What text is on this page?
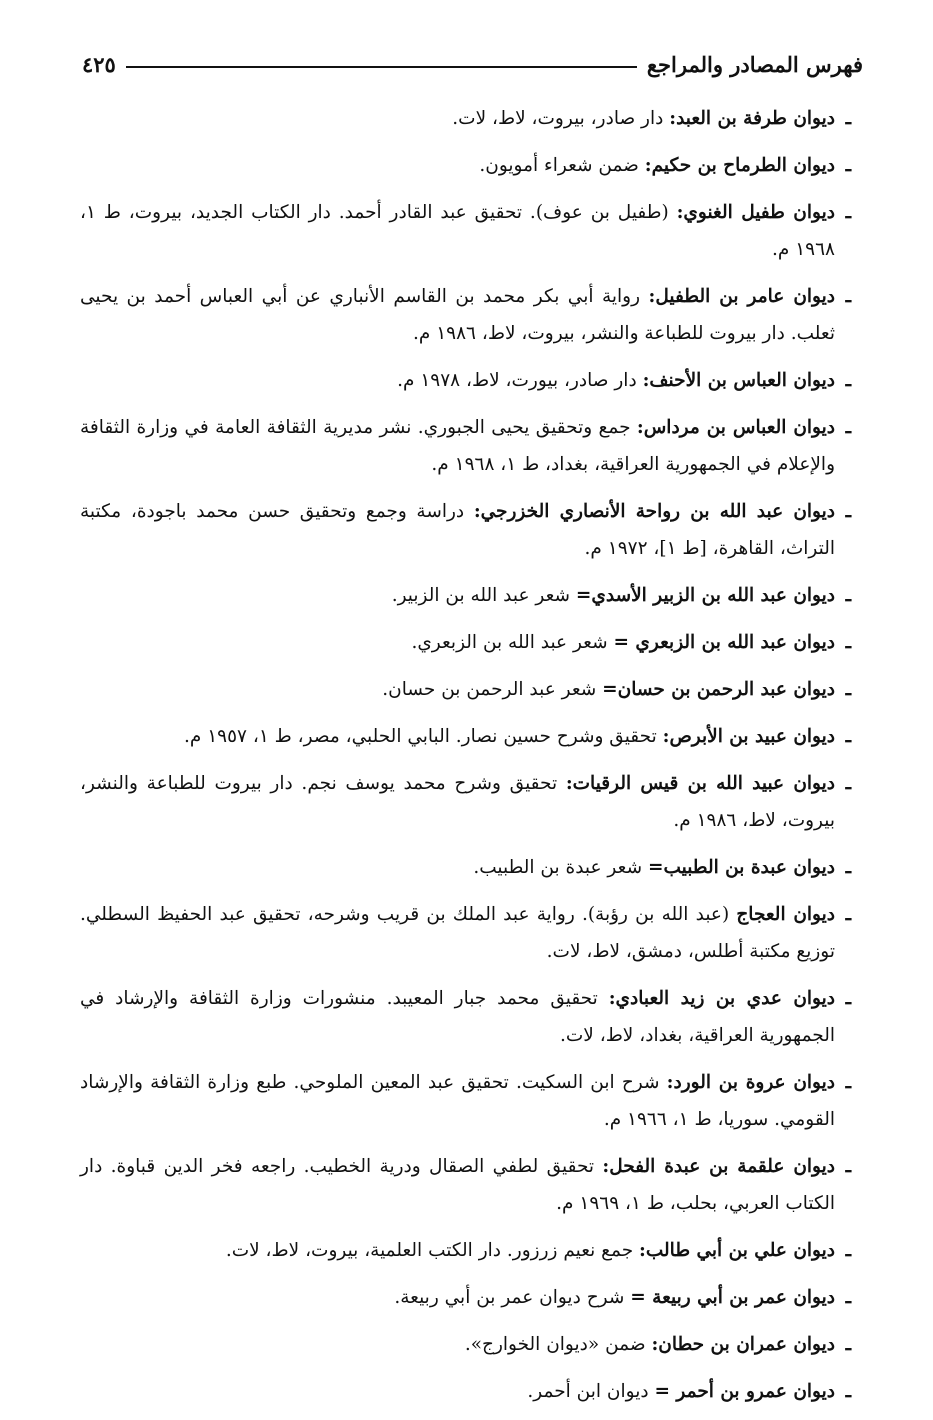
فهرس المصادر والمراجع
٤٢٥
ـ
ديوان طرفة بن العبد: دار صادر، بيروت، لاط، لات.
ـ
ديوان الطرماح بن حكيم: ضمن شعراء أمويون.
ـ
ديوان طفيل الغنوي: (طفيل بن عوف). تحقيق عبد القادر أحمد. دار الكتاب الجديد، بيروت، ط ١، ١٩٦٨ م.
ـ
ديوان عامر بن الطفيل: رواية أبي بكر محمد بن القاسم الأنباري عن أبي العباس أحمد بن يحيى ثعلب. دار بيروت للطباعة والنشر، بيروت، لاط، ١٩٨٦ م.
ـ
ديوان العباس بن الأحنف: دار صادر، بيورت، لاط، ١٩٧٨ م.
ـ
ديوان العباس بن مرداس: جمع وتحقيق يحيى الجبوري. نشر مديرية الثقافة العامة في وزارة الثقافة والإعلام في الجمهورية العراقية، بغداد، ط ١، ١٩٦٨ م.
ـ
ديوان عبد الله بن رواحة الأنصاري الخزرجي: دراسة وجمع وتحقيق حسن محمد باجودة، مكتبة التراث، القاهرة، [ط ١]، ١٩٧٢ م.
ـ
ديوان عبد الله بن الزبير الأسدي= شعر عبد الله بن الزبير.
ـ
ديوان عبد الله بن الزبعري = شعر عبد الله بن الزبعري.
ـ
ديوان عبد الرحمن بن حسان= شعر عبد الرحمن بن حسان.
ـ
ديوان عبيد بن الأبرص: تحقيق وشرح حسين نصار. البابي الحلبي، مصر، ط ١، ١٩٥٧ م.
ـ
ديوان عبيد الله بن قيس الرقيات: تحقيق وشرح محمد يوسف نجم. دار بيروت للطباعة والنشر، بيروت، لاط، ١٩٨٦ م.
ـ
ديوان عبدة بن الطبيب= شعر عبدة بن الطبيب.
ـ
ديوان العجاج (عبد الله بن رؤبة). رواية عبد الملك بن قريب وشرحه، تحقيق عبد الحفيظ السطلي. توزيع مكتبة أطلس، دمشق، لاط، لات.
ـ
ديوان عدي بن زيد العبادي: تحقيق محمد جبار المعيبد. منشورات وزارة الثقافة والإرشاد في الجمهورية العراقية، بغداد، لاط، لات.
ـ
ديوان عروة بن الورد: شرح ابن السكيت. تحقيق عبد المعين الملوحي. طبع وزارة الثقافة والإرشاد القومي. سوريا، ط ١، ١٩٦٦ م.
ـ
ديوان علقمة بن عبدة الفحل: تحقيق لطفي الصقال ودرية الخطيب. راجعه فخر الدين قباوة. دار الكتاب العربي، بحلب، ط ١، ١٩٦٩ م.
ـ
ديوان علي بن أبي طالب: جمع نعيم زرزور. دار الكتب العلمية، بيروت، لاط، لات.
ـ
ديوان عمر بن أبي ربيعة = شرح ديوان عمر بن أبي ربيعة.
ـ
ديوان عمران بن حطان: ضمن «ديوان الخوارج».
ـ
ديوان عمرو بن أحمر = ديوان ابن أحمر.
